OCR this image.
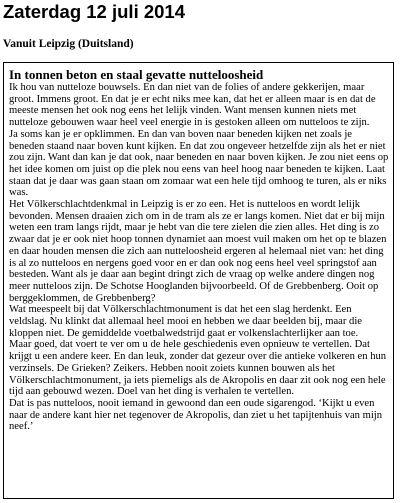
Zaterdag 12 juli 2014
Vanuit Leipzig (Duitsland)
In tonnen beton en staal gevatte nutteloosheid

Ik hou van nutteloze bouwsels. En dan niet van de folies of andere gekkerijen, maar groot. Immens groot. En dat je er echt niks mee kan, dat het er alleen maar is en dat de meeste mensen het ook nog eens het lelijk vinden. Want mensen kunnen niets met nutteloze gebouwen waar heel veel energie in is gestoken alleen om nutteloos te zijn.

Ja soms kan je er opklimmen. En dan van boven naar beneden kijken net zoals je beneden staand naar boven kunt kijken. En dat zou ongeveer hetzelfde zijn als het er niet zou zijn. Want dan kan je dat ook, naar beneden en naar boven kijken. Je zou niet eens op het idee komen om juist op die plek nou eens van heel hoog naar beneden te kijken. Laat staan dat je daar was gaan staan om zomaar wat een hele tijd omhoog te turen, als er niks was.

Het Völkerschlachtdenkmal in Leipzig is er zo een. Het is nutteloos en wordt lelijk bevonden. Mensen draaien zich om in de tram als ze er langs komen. Niet dat er bij mijn weten een tram langs rijdt, maar je hebt van die tere zielen die zien alles. Het ding is zo zwaar dat je er ook niet hoop tonnen dynamiet aan moest vuil maken om het op te blazen en daar houden mensen die zich aan nutteloosheid ergeren al helemaal niet van: het ding is al zo nutteloos en nergens goed voor en er dan ook nog eens heel veel springstof aan besteden. Want als je daar aan begint dringt zich de vraag op welke andere dingen nog meer nutteloos zijn. De Schotse Hooglanden bijvoorbeeld. Of de Grebbenberg. Ooit op berggeklommen, de Grebbenberg?

Wat meespeelt bij dat Völkerschlachtmonument is dat het een slag herdenkt. Een veldslag. Nu klinkt dat allemaal heel mooi en hebben we daar beelden bij, maar die kloppen niet. De gemiddelde voetbalwedstrijd gaat er volkenslachterlijker aan toe.

Maar goed, dat voert te ver om u de hele geschiedenis even opnieuw te vertellen. Dat krijgt u een andere keer. En dan leuk, zonder dat gezeur over die antieke volkeren en hun verzinsels. De Grieken? Zeikers. Hebben nooit zoiets kunnen bouwen als het Völkerschlachtmonument, ja iets piemeligs als de Akropolis en daar zit ook nog een hele tijd aan gebouwd wezen. Doel van het ding is verhalen te vertellen.

Dat is pas nutteloos, nooit iemand in gewoond dan een oude sigarengod. ‘Kijkt u even naar de andere kant hier net tegenover de Akropolis, dan ziet u het tapijtenhuis van mijn neef.’
